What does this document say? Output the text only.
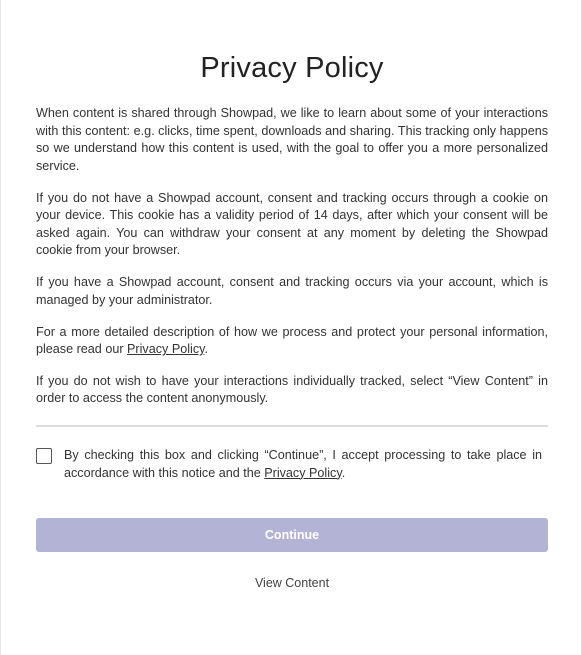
Privacy Policy

When content is shared through Showpad, we like to learn about some of your interactions with this content: e.g. clicks, time spent, downloads and sharing. This tracking only happens so we understand how this content is used, with the goal to offer you a more personalized service.

If you do not have a Showpad account, consent and tracking occurs through a cookie on your device. This cookie has a validity period of 14 days, after which your consent will be asked again. You can withdraw your consent at any moment by deleting the Showpad cookie from your browser.

If you have a Showpad account, consent and tracking occurs via your account, which is managed by your administrator.

For a more detailed description of how we process and protect your personal information, please read our Privacy Policy.

If you do not wish to have your interactions individually tracked, select “View Content” in order to access the content anonymously.

By checking this box and clicking “Continue”, I accept processing to take place in accordance with this notice and the Privacy Policy.

Continue
View Content
